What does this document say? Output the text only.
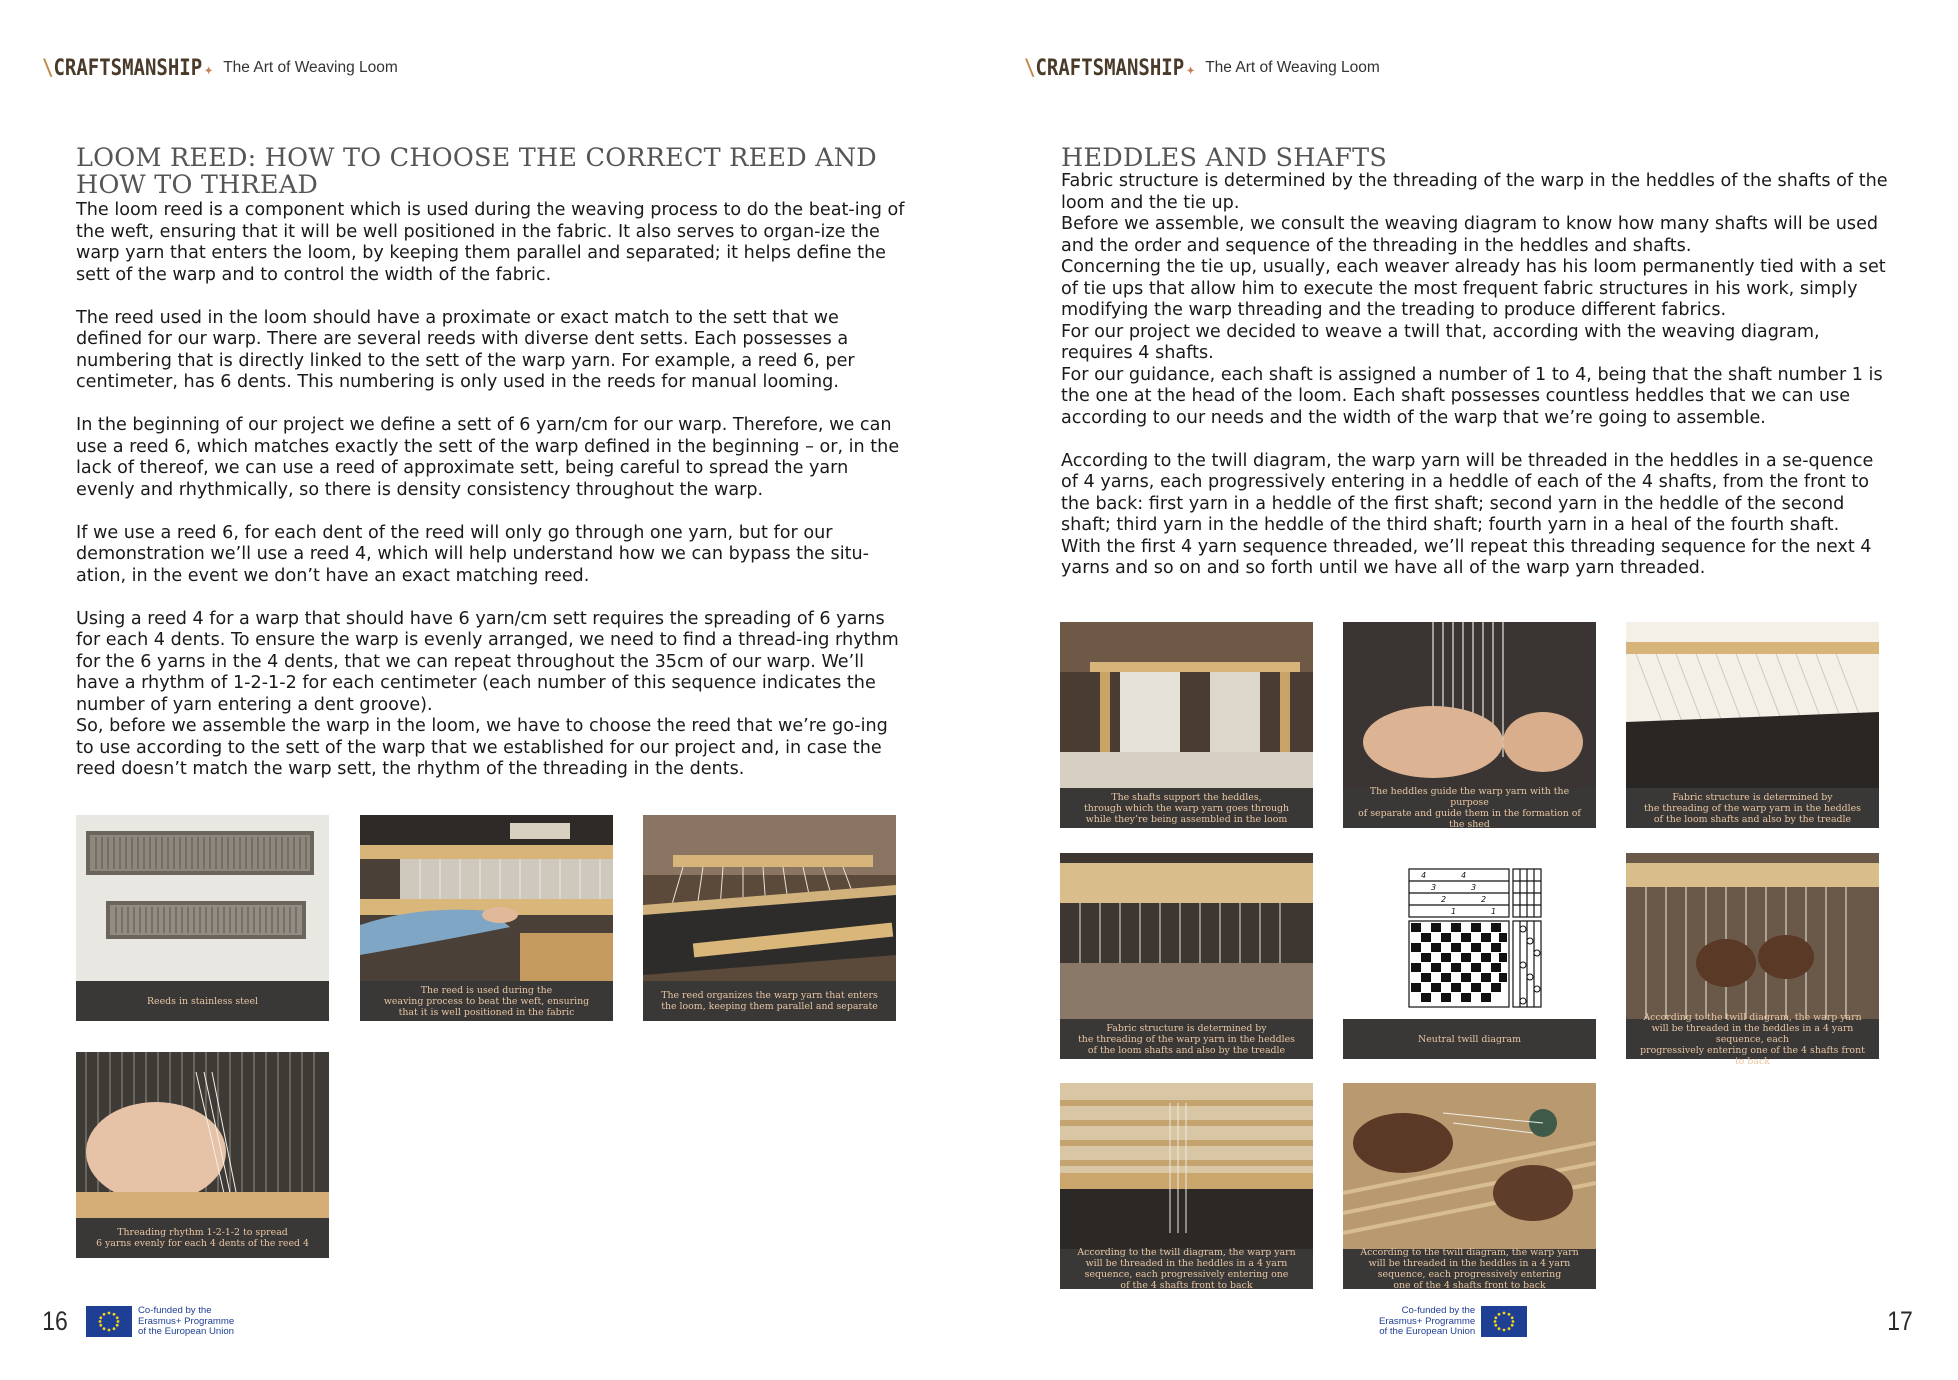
\CRAFTSMANSHIP ✦ The Art of Weaving Loom
LOOM REED: HOW TO CHOOSE THE CORRECT REED AND
HOW TO THREAD

The loom reed is a component which is used during the weaving process to do the beat-ing of the weft, ensuring that it will be well positioned in the fabric. It also serves to organ-ize the warp yarn that enters the loom, by keeping them parallel and separated; it helps define the sett of the warp and to control the width of the fabric.

The reed used in the loom should have a proximate or exact match to the sett that we defined for our warp. There are several reeds with diverse dent setts. Each possesses a numbering that is directly linked to the sett of the warp yarn. For example, a reed 6, per centimeter, has 6 dents. This numbering is only used in the reeds for manual looming.

In the beginning of our project we define a sett of 6 yarn/cm for our warp. Therefore, we can use a reed 6, which matches exactly the sett of the warp defined in the beginning – or, in the lack of thereof, we can use a reed of approximate sett, being careful to spread the yarn evenly and rhythmically, so there is density consistency throughout the warp.

If we use a reed 6, for each dent of the reed will only go through one yarn, but for our demonstration we’ll use a reed 4, which will help understand how we can bypass the situ-ation, in the event we don’t have an exact matching reed.

Using a reed 4 for a warp that should have 6 yarn/cm sett requires the spreading of 6 yarns for each 4 dents. To ensure the warp is evenly arranged, we need to find a thread-ing rhythm for the 6 yarns in the 4 dents, that we can repeat throughout the 35cm of our warp. We’ll have a rhythm of 1-2-1-2 for each centimeter (each number of this sequence indicates the number of yarn entering a dent groove).

So, before we assemble the warp in the loom, we have to choose the reed that we’re go-ing to use according to the sett of the warp that we established for our project and, in case the reed doesn’t match the warp sett, the rhythm of the threading in the dents.

Reeds in stainless steel
The reed is used during the
weaving process to beat the weft, ensuring
that it is well positioned in the fabric
The reed organizes the warp yarn that enters
the loom, keeping them parallel and separate
Threading rhythm 1-2-1-2 to spread
6 yarns evenly for each 4 dents of the reed 4
16	Co-funded by the
Erasmus+ Programme
of the European Union
\CRAFTSMANSHIP ✦ The Art of Weaving Loom
HEDDLES AND SHAFTS

Fabric structure is determined by the threading of the warp in the heddles of the shafts of the loom and the tie up.

Before we assemble, we consult the weaving diagram to know how many shafts will be used and the order and sequence of the threading in the heddles and shafts.

Concerning the tie up, usually, each weaver already has his loom permanently tied with a set of tie ups that allow him to execute the most frequent fabric structures in his work, simply modifying the warp threading and the treading to produce different fabrics.

For our project we decided to weave a twill that, according with the weaving diagram, requires 4 shafts.

For our guidance, each shaft is assigned a number of 1 to 4, being that the shaft number 1 is the one at the head of the loom. Each shaft possesses countless heddles that we can use according to our needs and the width of the warp that we’re going to assemble.

According to the twill diagram, the warp yarn will be threaded in the heddles in a se-quence of 4 yarns, each progressively entering in a heddle of each of the 4 shafts, from the front to the back: first yarn in a heddle of the first shaft; second yarn in the heddle of the second shaft; third yarn in the heddle of the third shaft; fourth yarn in a heal of the fourth shaft.

With the first 4 yarn sequence threaded, we’ll repeat this threading sequence for the next 4 yarns and so on and so forth until we have all of the warp yarn threaded.

The shafts support the heddles,
through which the warp yarn goes through
while they’re being assembled in the loom
The heddles guide the warp yarn with the purpose
of separate and guide them in the formation of the shed
Fabric structure is determined by
the threading of the warp yarn in the heddles
of the loom shafts and also by the treadle
Fabric structure is determined by
the threading of the warp yarn in the heddles
of the loom shafts and also by the treadle
4	4
3	3
2	2
1	1
Neutral twill diagram
According to the twill diagram, the warp yarn
will be threaded in the heddles in a 4 yarn sequence, each
progressively entering one of the 4 shafts front to back
According to the twill diagram, the warp yarn
will be threaded in the heddles in a 4 yarn
sequence, each progressively entering one
of the 4 shafts front to back
According to the twill diagram, the warp yarn
will be threaded in the heddles in a 4 yarn
sequence, each progressively entering
one of the 4 shafts front to back
Co-funded by the
Erasmus+ Programme
of the European Union	17
